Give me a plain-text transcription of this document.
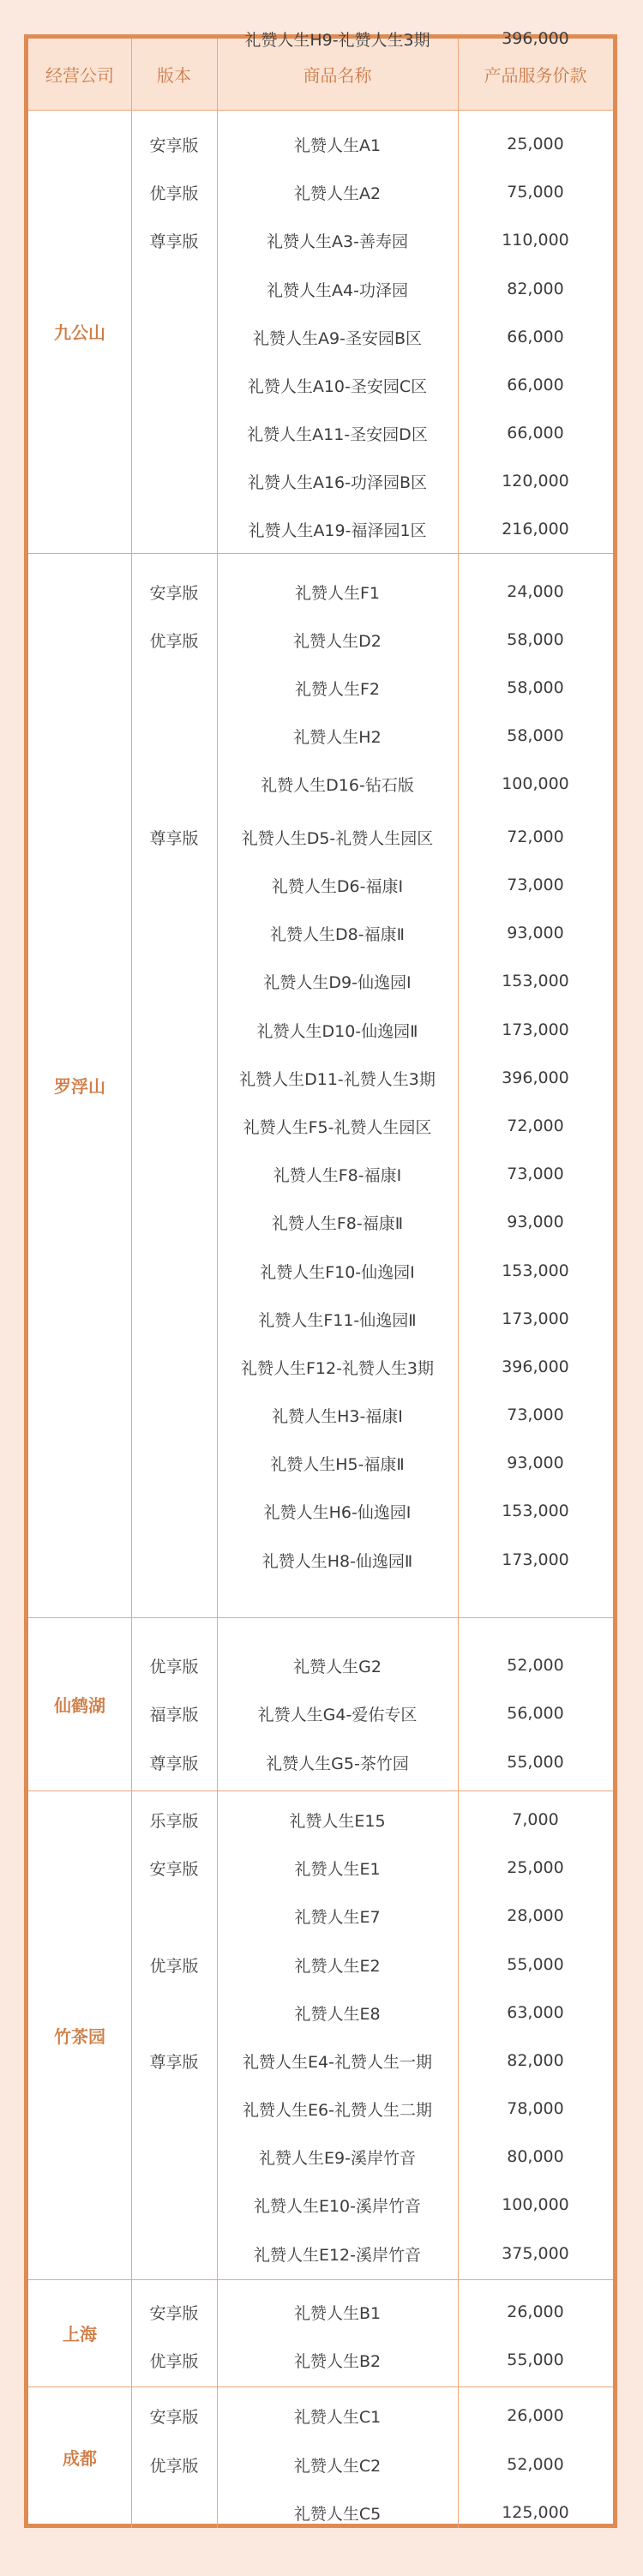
经营公司	版本	商品名称	产品服务价款
九公山
安享版	礼赞人生A1	25,000
优享版	礼赞人生A2	75,000
尊享版	礼赞人生A3-善寿园	110,000
礼赞人生A4-功泽园	82,000
礼赞人生A9-圣安园B区	66,000
礼赞人生A10-圣安园C区	66,000
礼赞人生A11-圣安园D区	66,000
礼赞人生A16-功泽园B区	120,000
礼赞人生A19-福泽园1区	216,000
罗浮山
安享版	礼赞人生F1	24,000
优享版	礼赞人生D2	58,000
礼赞人生F2	58,000
礼赞人生H2	58,000
礼赞人生D16-钻石版	100,000
尊享版	礼赞人生D5-礼赞人生园区	72,000
礼赞人生D6-福康Ⅰ	73,000
礼赞人生D8-福康Ⅱ	93,000
礼赞人生D9-仙逸园Ⅰ	153,000
礼赞人生D10-仙逸园Ⅱ	173,000
礼赞人生D11-礼赞人生3期	396,000
礼赞人生F5-礼赞人生园区	72,000
礼赞人生F8-福康Ⅰ	73,000
礼赞人生F8-福康Ⅱ	93,000
礼赞人生F10-仙逸园Ⅰ	153,000
礼赞人生F11-仙逸园Ⅱ	173,000
礼赞人生F12-礼赞人生3期	396,000
礼赞人生H3-福康Ⅰ	73,000
礼赞人生H5-福康Ⅱ	93,000
礼赞人生H6-仙逸园Ⅰ	153,000
礼赞人生H8-仙逸园Ⅱ	173,000
礼赞人生H9-礼赞人生3期	396,000
仙鹤湖
优享版	礼赞人生G2	52,000
福享版	礼赞人生G4-爱佑专区	56,000
尊享版	礼赞人生G5-茶竹园	55,000
竹茶园
乐享版	礼赞人生E15	7,000
安享版	礼赞人生E1	25,000
礼赞人生E7	28,000
优享版	礼赞人生E2	55,000
礼赞人生E8	63,000
尊享版	礼赞人生E4-礼赞人生一期	82,000
礼赞人生E6-礼赞人生二期	78,000
礼赞人生E9-溪岸竹音	80,000
礼赞人生E10-溪岸竹音	100,000
礼赞人生E12-溪岸竹音	375,000
上海
安享版	礼赞人生B1	26,000
优享版	礼赞人生B2	55,000
成都
安享版	礼赞人生C1	26,000
优享版	礼赞人生C2	52,000
礼赞人生C5	125,000
